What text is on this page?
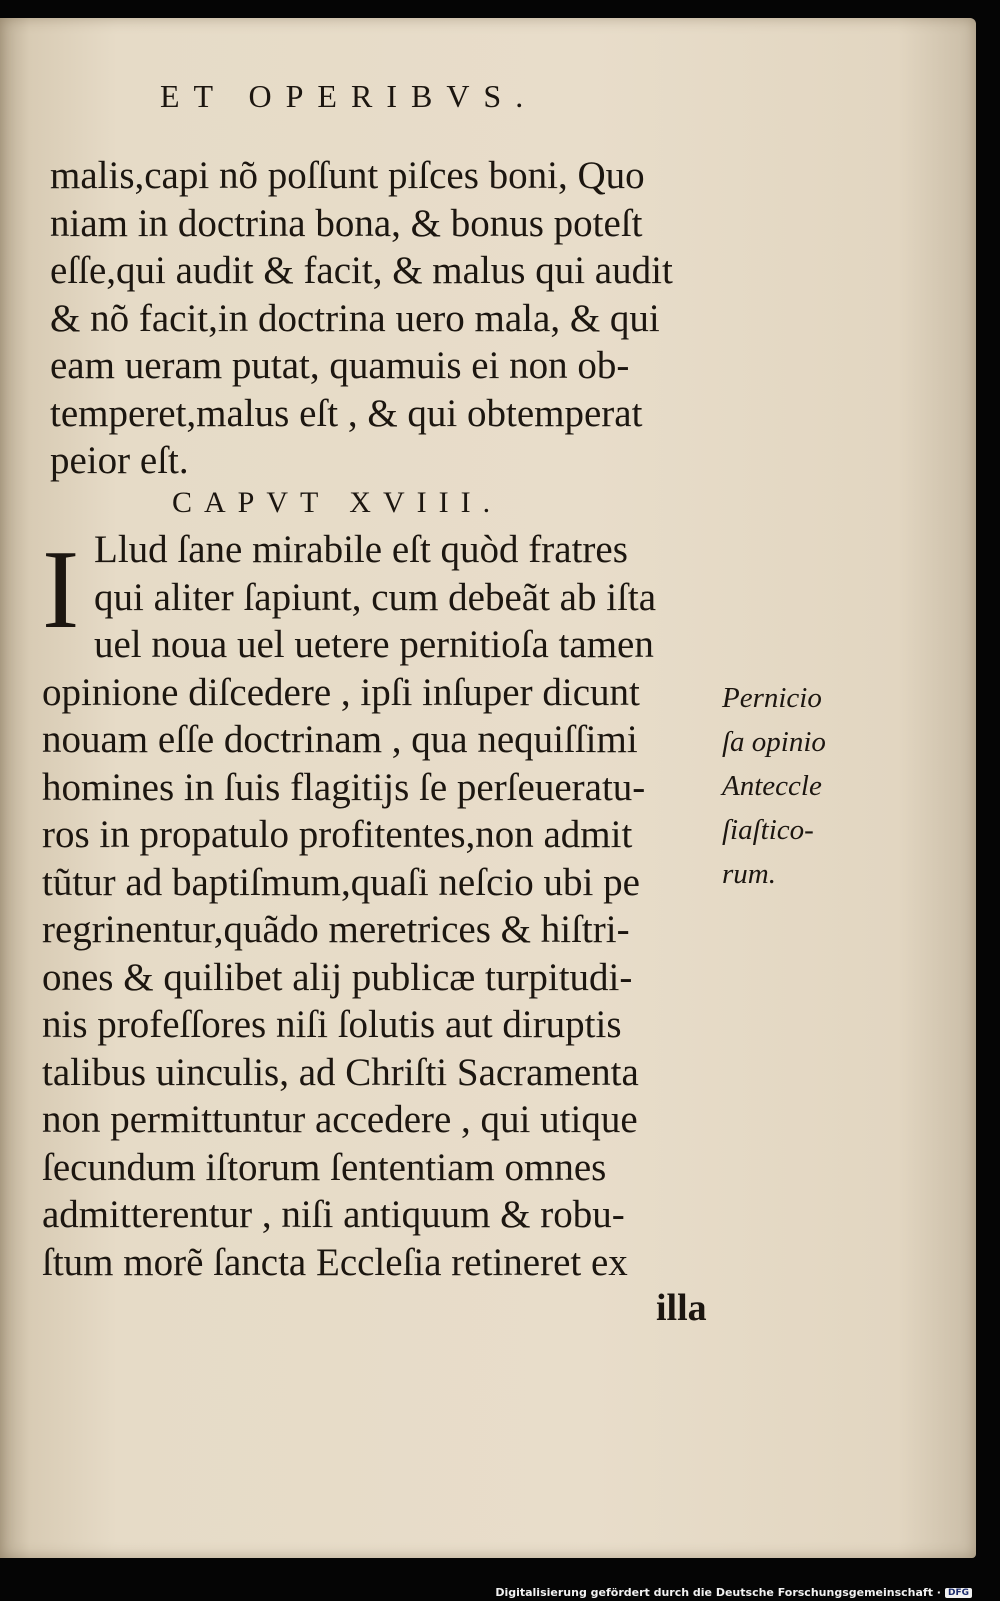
ET OPERIBVS.
malis,capi nõ poſſunt piſces boni, Quo
niam in doctrina bona, & bonus poteſt
eſſe,qui audit & facit, & malus qui audit
& nõ facit,in doctrina uero mala, & qui
eam ueram putat, quamuis ei non ob-
temperet,malus eſt , & qui obtemperat
peior eſt.
CAPVT XVIII.
I Llud ſane mirabile eſt quòd fratres
qui aliter ſapiunt, cum debeãt ab iſta
uel noua uel uetere pernitioſa tamen
opinione diſcedere , ipſi inſuper dicunt
nouam eſſe doctrinam , qua nequiſſimi
homines in ſuis flagitijs ſe perſeueratu-
ros in propatulo profitentes,non admit
tũtur ad baptiſmum,quaſi neſcio ubi pe
regrinentur,quãdo meretrices & hiſtri-
ones & quilibet alij publicæ turpitudi-
nis profeſſores niſi ſolutis aut diruptis
talibus uinculis, ad Chriſti Sacramenta
non permittuntur accedere , qui utique
ſecundum iſtorum ſententiam omnes
admitterentur , niſi antiquum & robu-
ſtum morẽ ſancta Eccleſia retineret ex
Pernicio
ſa opinio
Anteccle
ſiaſtico-
rum.
illa
Digitalisierung gefördert durch die Deutsche Forschungsgemeinschaft · DFG
